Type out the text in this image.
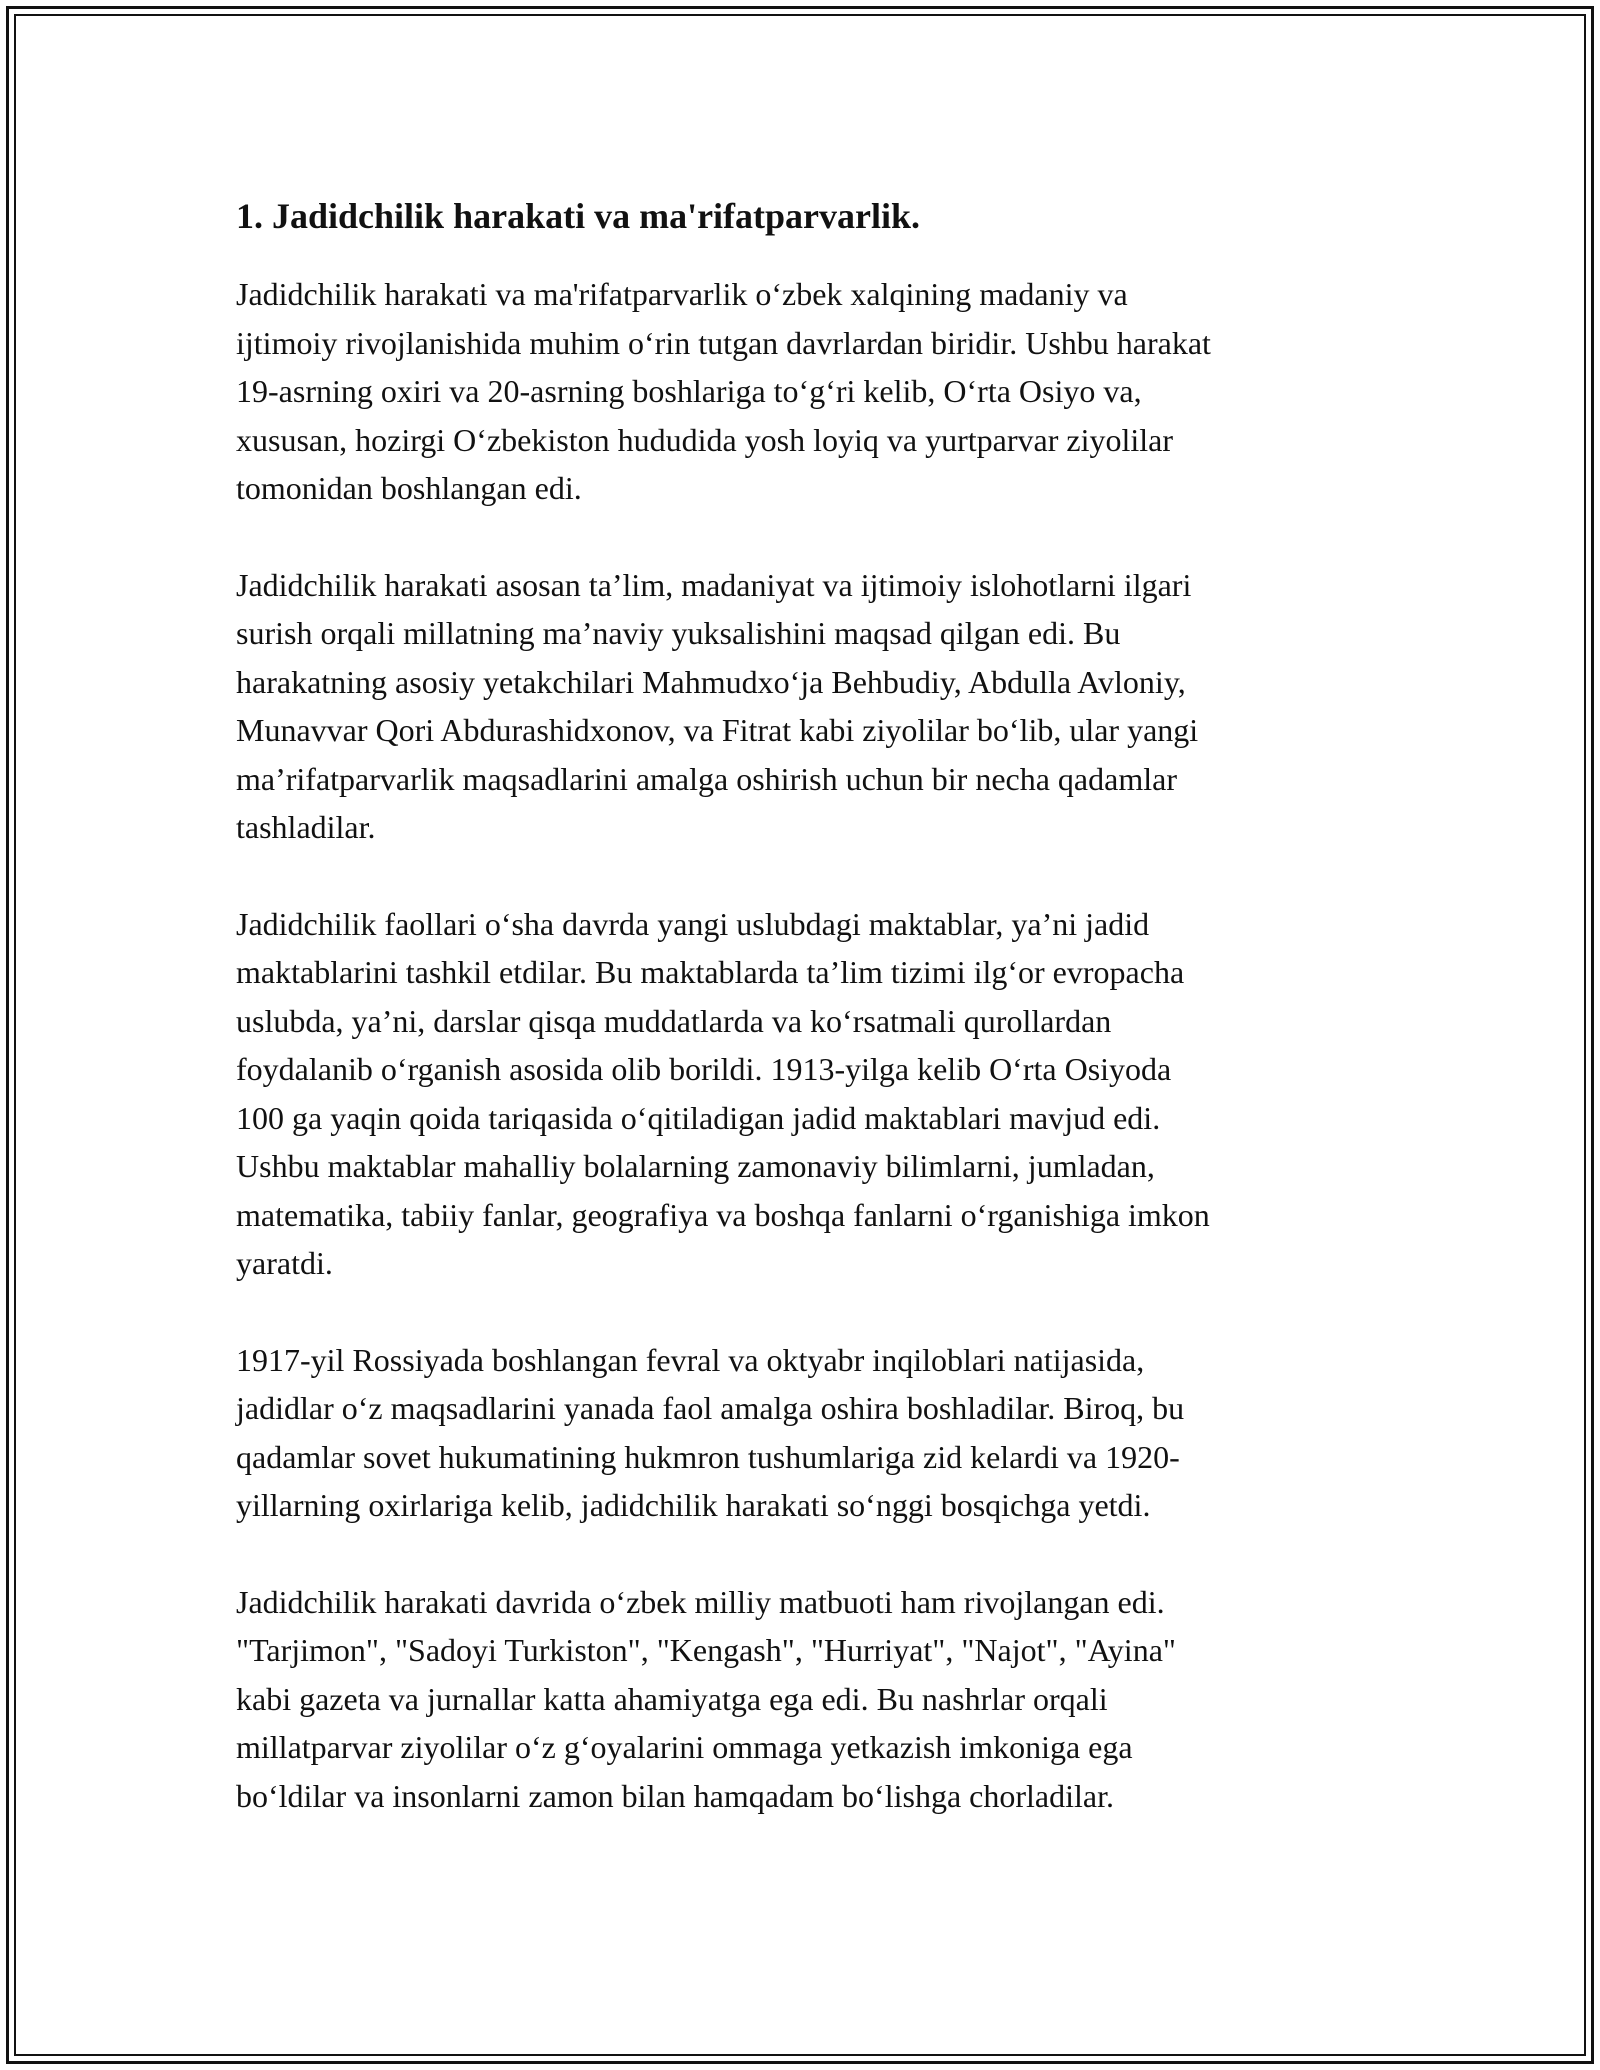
1. Jadidchilik harakati va ma'rifatparvarlik.
Jadidchilik harakati va ma'rifatparvarlik o‘zbek xalqining madaniy va
ijtimoiy rivojlanishida muhim o‘rin tutgan davrlardan biridir. Ushbu harakat
19-asrning oxiri va 20-asrning boshlariga to‘g‘ri kelib, O‘rta Osiyo va,
xususan, hozirgi O‘zbekiston hududida yosh loyiq va yurtparvar ziyolilar
tomonidan boshlangan edi.
Jadidchilik harakati asosan ta’lim, madaniyat va ijtimoiy islohotlarni ilgari
surish orqali millatning ma’naviy yuksalishini maqsad qilgan edi. Bu
harakatning asosiy yetakchilari Mahmudxo‘ja Behbudiy, Abdulla Avloniy,
Munavvar Qori Abdurashidxonov, va Fitrat kabi ziyolilar bo‘lib, ular yangi
ma’rifatparvarlik maqsadlarini amalga oshirish uchun bir necha qadamlar
tashladilar.
Jadidchilik faollari o‘sha davrda yangi uslubdagi maktablar, ya’ni jadid
maktablarini tashkil etdilar. Bu maktablarda ta’lim tizimi ilg‘or evropacha
uslubda, ya’ni, darslar qisqa muddatlarda va ko‘rsatmali qurollardan
foydalanib o‘rganish asosida olib borildi. 1913-yilga kelib O‘rta Osiyoda
100 ga yaqin qoida tariqasida o‘qitiladigan jadid maktablari mavjud edi.
Ushbu maktablar mahalliy bolalarning zamonaviy bilimlarni, jumladan,
matematika, tabiiy fanlar, geografiya va boshqa fanlarni o‘rganishiga imkon
yaratdi.
1917-yil Rossiyada boshlangan fevral va oktyabr inqiloblari natijasida,
jadidlar o‘z maqsadlarini yanada faol amalga oshira boshladilar. Biroq, bu
qadamlar sovet hukumatining hukmron tushumlariga zid kelardi va 1920-
yillarning oxirlariga kelib, jadidchilik harakati so‘nggi bosqichga yetdi.
Jadidchilik harakati davrida o‘zbek milliy matbuoti ham rivojlangan edi.
"Tarjimon", "Sadoyi Turkiston", "Kengash", "Hurriyat", "Najot", "Ayina"
kabi gazeta va jurnallar katta ahamiyatga ega edi. Bu nashrlar orqali
millatparvar ziyolilar o‘z g‘oyalarini ommaga yetkazish imkoniga ega
bo‘ldilar va insonlarni zamon bilan hamqadam bo‘lishga chorladilar.
